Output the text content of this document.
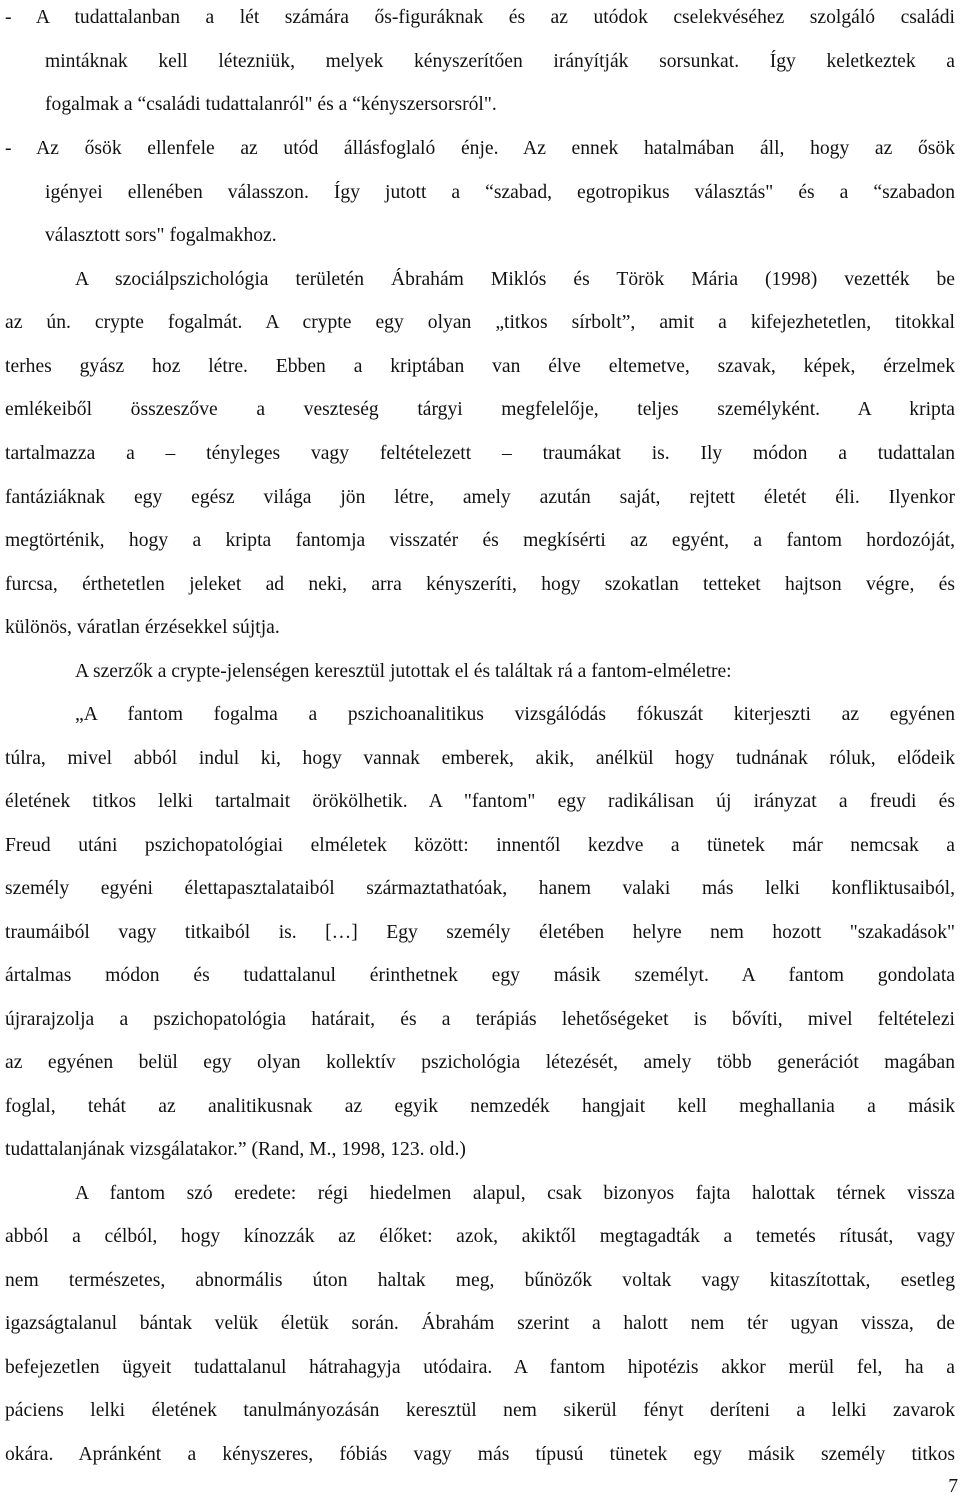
- A tudattalanban a lét számára ős-figuráknak és az utódok cselekvéséhez szolgáló családi
mintáknak kell létezniük, melyek kényszerítően irányítják sorsunkat. Így keletkeztek a
fogalmak a “családi tudattalanról" és a “kényszersorsról".
- Az ősök ellenfele az utód állásfoglaló énje. Az ennek hatalmában áll, hogy az ősök
igényei ellenében válasszon. Így jutott a “szabad, egotropikus választás" és a “szabadon
választott sors" fogalmakhoz.
A szociálpszichológia területén Ábrahám Miklós és Török Mária (1998) vezették be
az ún. crypte fogalmát. A crypte egy olyan „titkos sírbolt”, amit a kifejezhetetlen, titokkal
terhes gyász hoz létre. Ebben a kriptában van élve eltemetve, szavak, képek, érzelmek
emlékeiből összeszőve a veszteség tárgyi megfelelője, teljes személyként. A kripta
tartalmazza a – tényleges vagy feltételezett – traumákat is. Ily módon a tudattalan
fantáziáknak egy egész világa jön létre, amely azután saját, rejtett életét éli. Ilyenkor
megtörténik, hogy a kripta fantomja visszatér és megkísérti az egyént, a fantom hordozóját,
furcsa, érthetetlen jeleket ad neki, arra kényszeríti, hogy szokatlan tetteket hajtson végre, és
különös, váratlan érzésekkel sújtja.
A szerzők a crypte-jelenségen keresztül jutottak el és találtak rá a fantom-elméletre:
„A fantom fogalma a pszichoanalitikus vizsgálódás fókuszát kiterjeszti az egyénen
túlra, mivel abból indul ki, hogy vannak emberek, akik, anélkül hogy tudnának róluk, elődeik
életének titkos lelki tartalmait örökölhetik. A "fantom" egy radikálisan új irányzat a freudi és
Freud utáni pszichopatológiai elméletek között: innentől kezdve a tünetek már nemcsak a
személy egyéni élettapasztalataiból származtathatóak, hanem valaki más lelki konfliktusaiból,
traumáiból vagy titkaiból is. […] Egy személy életében helyre nem hozott "szakadások"
ártalmas módon és tudattalanul érinthetnek egy másik személyt. A fantom gondolata
újrarajzolja a pszichopatológia határait, és a terápiás lehetőségeket is bővíti, mivel feltételezi
az egyénen belül egy olyan kollektív pszichológia létezését, amely több generációt magában
foglal, tehát az analitikusnak az egyik nemzedék hangjait kell meghallania a másik
tudattalanjának vizsgálatakor.” (Rand, M., 1998, 123. old.)
A fantom szó eredete: régi hiedelmen alapul, csak bizonyos fajta halottak térnek vissza
abból a célból, hogy kínozzák az élőket: azok, akiktől megtagadták a temetés rítusát, vagy
nem természetes, abnormális úton haltak meg, bűnözők voltak vagy kitaszítottak, esetleg
igazságtalanul bántak velük életük során. Ábrahám szerint a halott nem tér ugyan vissza, de
befejezetlen ügyeit tudattalanul hátrahagyja utódaira. A fantom hipotézis akkor merül fel, ha a
páciens lelki életének tanulmányozásán keresztül nem sikerül fényt deríteni a lelki zavarok
okára. Apránként a kényszeres, fóbiás vagy más típusú tünetek egy másik személy titkos
7
